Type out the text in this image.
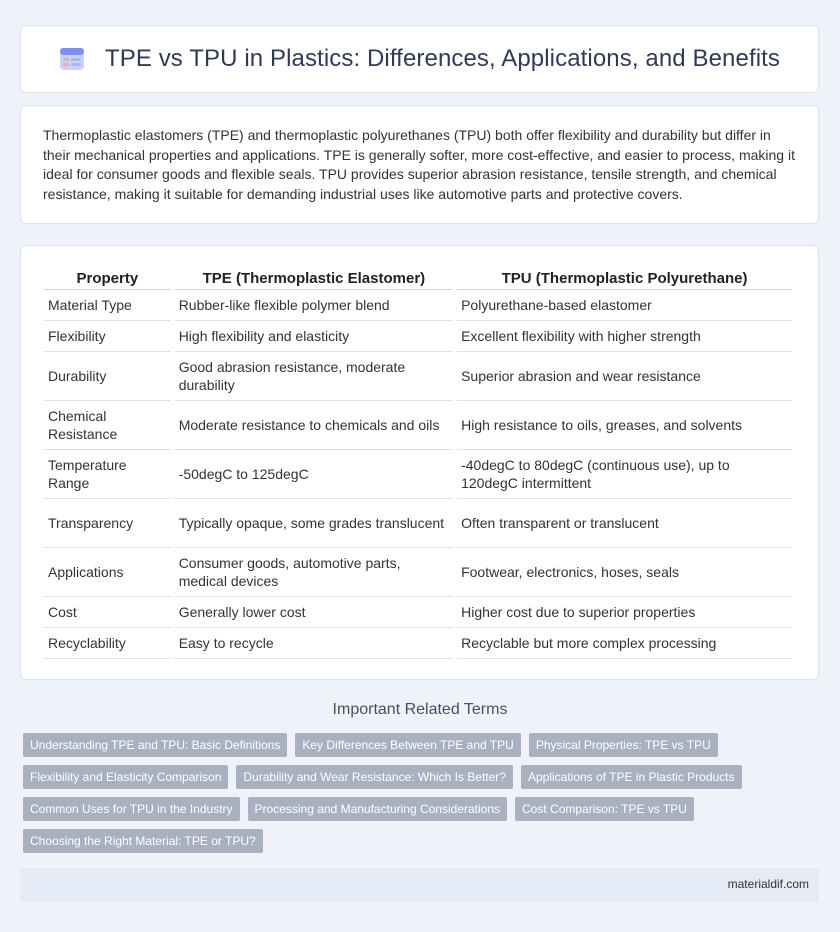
TPE vs TPU in Plastics: Differences, Applications, and Benefits

Thermoplastic elastomers (TPE) and thermoplastic polyurethanes (TPU) both offer flexibility and durability but differ in their mechanical properties and applications. TPE is generally softer, more cost-effective, and easier to process, making it ideal for consumer goods and flexible seals. TPU provides superior abrasion resistance, tensile strength, and chemical resistance, making it suitable for demanding industrial uses like automotive parts and protective covers.

Property	TPE (Thermoplastic Elastomer)	TPU (Thermoplastic Polyurethane)
Material Type	Rubber-like flexible polymer blend	Polyurethane-based elastomer
Flexibility	High flexibility and elasticity	Excellent flexibility with higher strength
Durability	Good abrasion resistance, moderate durability	Superior abrasion and wear resistance
Chemical Resistance	Moderate resistance to chemicals and oils	High resistance to oils, greases, and solvents
Temperature Range	-50degC to 125degC	-40degC to 80degC (continuous use), up to 120degC intermittent
Transparency	Typically opaque, some grades translucent	Often transparent or translucent
Applications	Consumer goods, automotive parts, medical devices	Footwear, electronics, hoses, seals
Cost	Generally lower cost	Higher cost due to superior properties
Recyclability	Easy to recycle	Recyclable but more complex processing
Important Related Terms
Understanding TPE and TPU: Basic Definitions	Key Differences Between TPE and TPU	Physical Properties: TPE vs TPU
Flexibility and Elasticity Comparison	Durability and Wear Resistance: Which Is Better?	Applications of TPE in Plastic Products
Common Uses for TPU in the Industry	Processing and Manufacturing Considerations	Cost Comparison: TPE vs TPU
Choosing the Right Material: TPE or TPU?
materialdif.com
